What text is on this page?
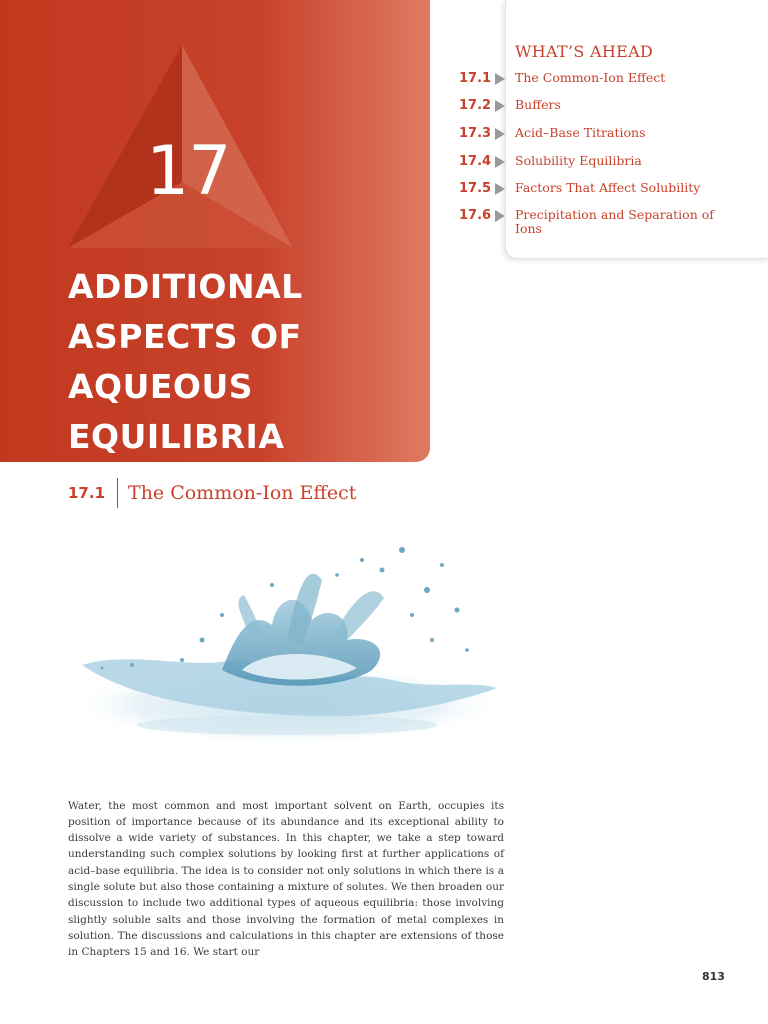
17
ADDITIONAL
ASPECTS OF
AQUEOUS
EQUILIBRIA
WHAT’S AHEAD
17.1 The Common-Ion Effect
17.2 Buffers
17.3 Acid–Base Titrations
17.4 Solubility Equilibria
17.5 Factors That Affect Solubility
17.6 Precipitation and Separation of Ions
17.1 The Common-Ion Effect

Water, the most common and most important solvent on Earth, occupies its position of importance because of its abundance and its exceptional ability to dissolve a wide variety of substances. In this chapter, we take a step toward understanding such complex solutions by looking first at further applications of acid–base equilibria. The idea is to consider not only solutions in which there is a single solute but also those containing a mixture of solutes. We then broaden our discussion to include two additional types of aqueous equilibria: those involving slightly soluble salts and those involving the formation of metal complexes in solution. The discussions and calculations in this chapter are extensions of those in Chapters 15 and 16. We start our

813
